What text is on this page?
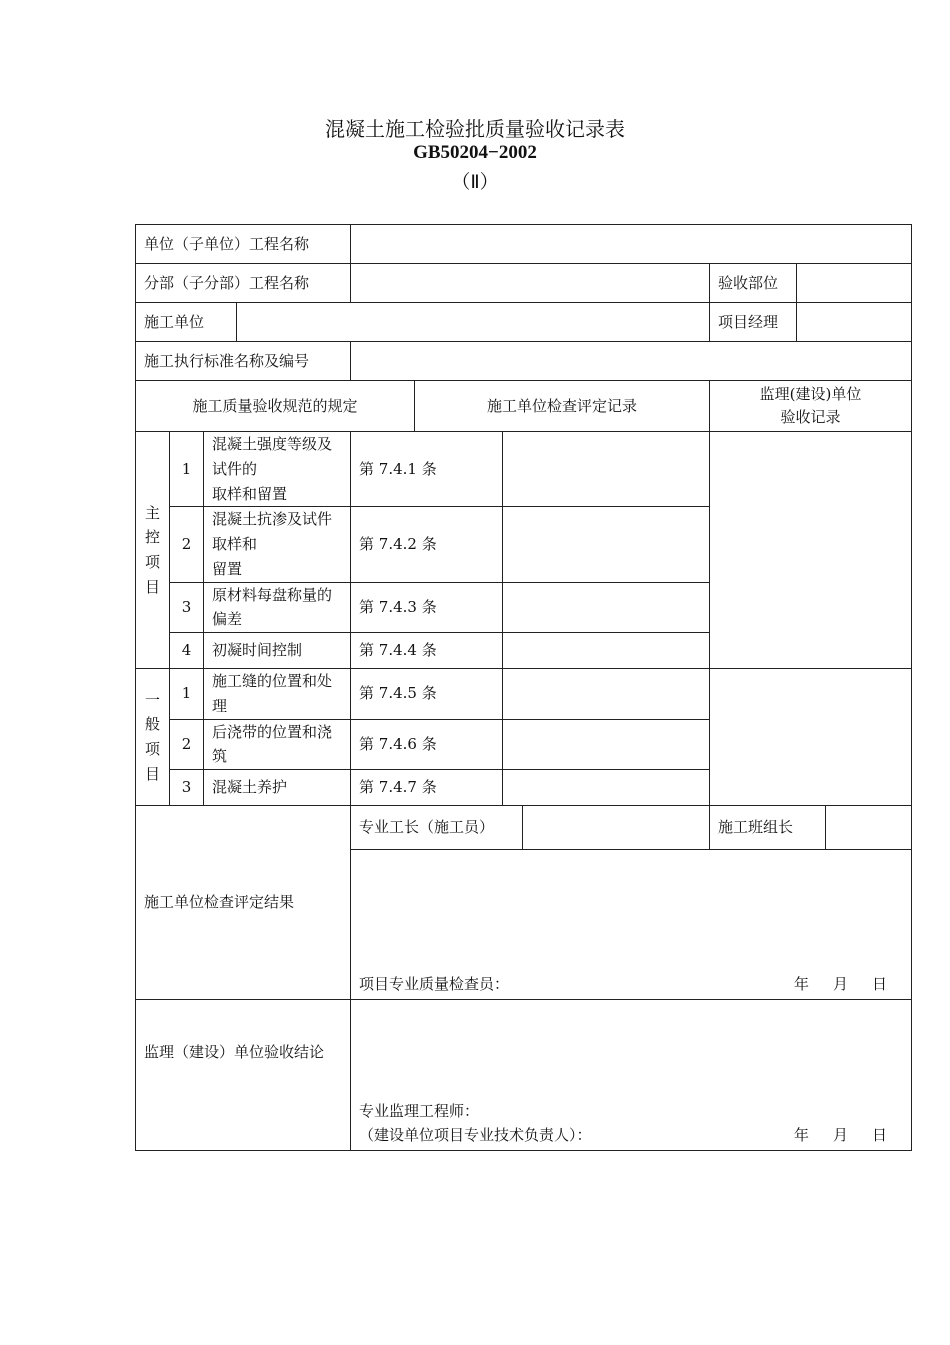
混凝土施工检验批质量验收记录表
GB50204−2002
（Ⅱ）
单位（子单位）工程名称										
分部（子分部）工程名称								验收部位		
施工单位								项目经理		
施工执行标准名称及编号										
施工质量验收规范的规定					施工单位检查评定记录			监理(建设)单位
验收记录		

主
控
项
目	1	混凝土强度等级及试件的
取样和留置		第 7.4.1 条						
	2	混凝土抗渗及试件取样和
留置		第 7.4.2 条						
	3	原材料每盘称量的偏差		第 7.4.3 条						
	4	初凝时间控制		第 7.4.4 条						

一
般
项
目	1	施工缝的位置和处理		第 7.4.5 条						
	2	后浇带的位置和浇筑		第 7.4.6 条						
	3	混凝土养护		第 7.4.7 条						
施工单位检查评定结果				专业工长（施工员）				施工班组长		
				项目专业质量检查员： 年 月 日						

监理（建设）单位验收结论				专业监理工程师：
（建设单位项目专业技术负责人）： 年 月 日						
